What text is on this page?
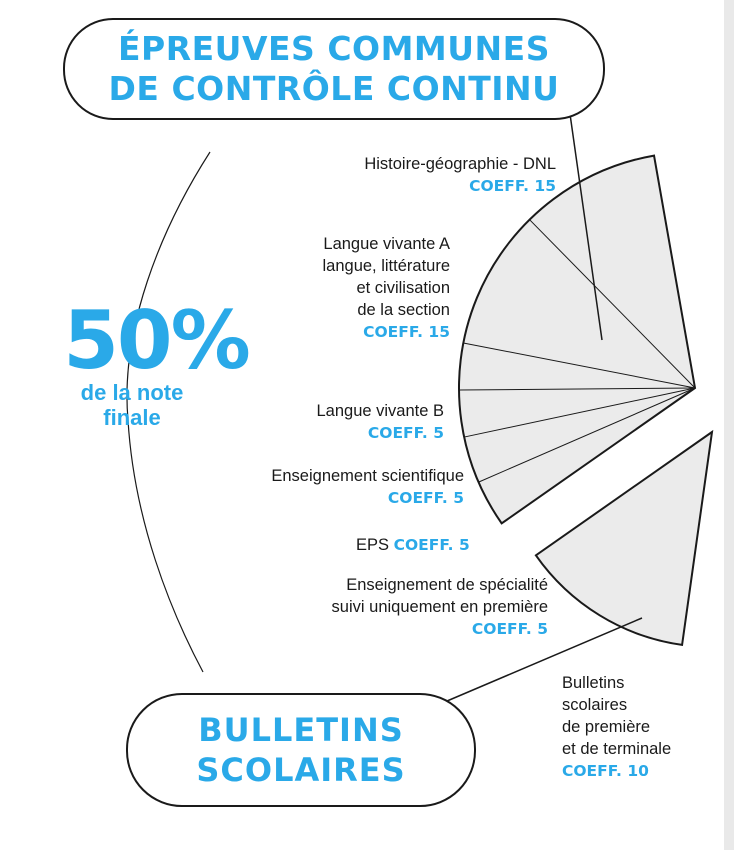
ÉPREUVES COMMUNES
DE CONTRÔLE CONTINU
50%
de la note
finale
Histoire-géographie - DNL
COEFF. 15
Langue vivante A
langue, littérature
et civilisation
de la section
COEFF. 15
Langue vivante B
COEFF. 5
Enseignement scientifique
COEFF. 5
EPS COEFF. 5
Enseignement de spécialité
suivi uniquement en première
COEFF. 5
Bulletins
scolaires
de première
et de terminale
COEFF. 10
BULLETINS
SCOLAIRES
